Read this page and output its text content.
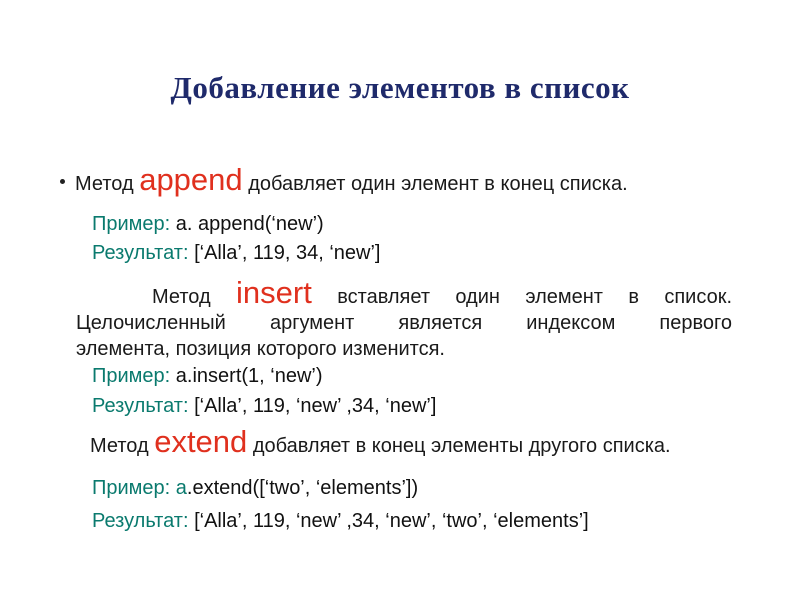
Добавление элементов в список
Метод append добавляет один элемент в конец списка.
Пример: a. append(‘new’)
Результат: [‘Alla’, 119, 34, ‘new’]
Метод insert вставляет один элемент в список.
Целочисленный аргумент является индексом первого
элемента, позиция которого изменится.
Пример: a.insert(1, ‘new’)
Результат: [‘Alla’, 119, ‘new’ ,34, ‘new’]
Метод extend добавляет в конец элементы другого списка.
Пример: а.extend([‘two’, ‘elements’])
Результат: [‘Alla’, 119, ‘new’ ,34, ‘new’, ‘two’, ‘elements’]
